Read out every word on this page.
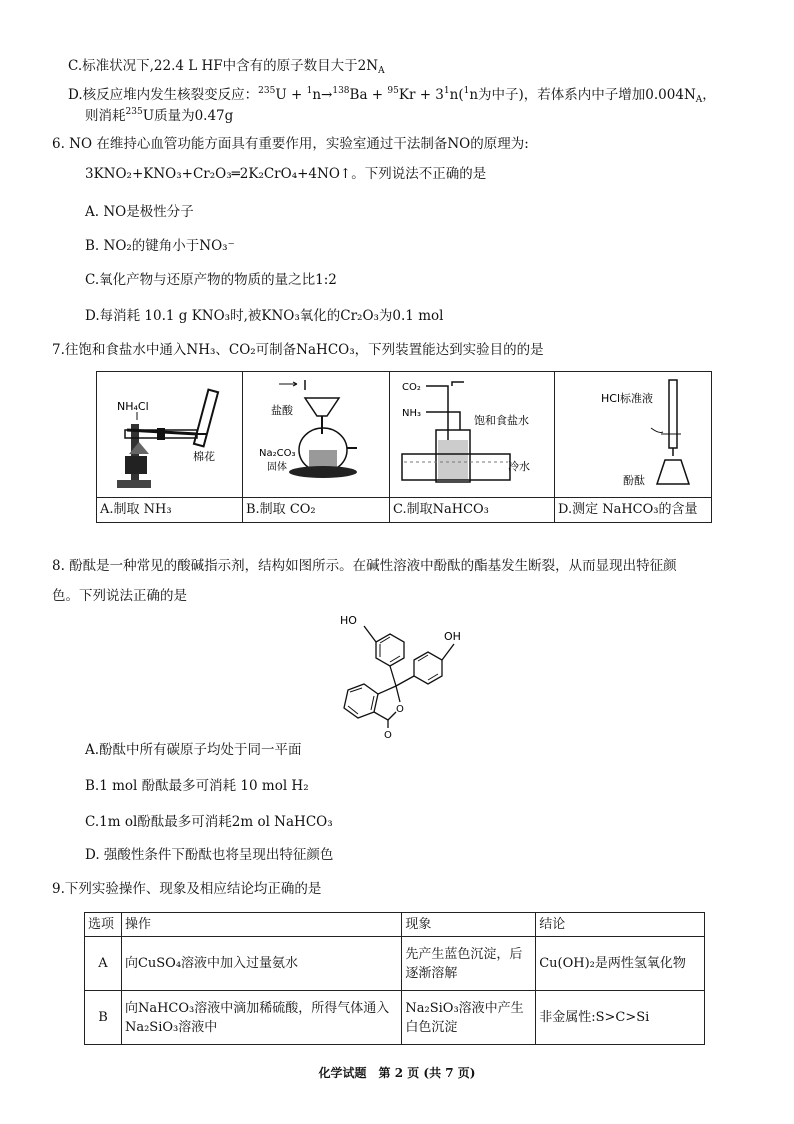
C.标准状况下,22.4 L HF中含有的原子数目大于$2N_A$
D.核反应堆内发生核裂变反应：$^{235}U + ^1n\to^{138}Ba + ^{95}Kr + 3^1n(^1n$为中子)，若体系内中子增加$0.004N_A$，
则消耗$^{235}$U质量为0.47g
6. NO 在维持心血管功能方面具有重要作用，实验室通过干法制备NO的原理为:
3KNO₂+KNO₃+Cr₂O₃═2K₂CrO₄+4NO↑。下列说法不正确的是
A. NO是极性分子
B. NO₂的键角小于NO₃⁻
C.氧化产物与还原产物的物质的量之比1:2
D.每消耗 10.1 g KNO₃时,被KNO₃氧化的Cr₂O₃为0.1 mol
7.往饱和食盐水中通入NH₃、CO₂可制备NaHCO₃，下列装置能达到实验目的的是
NH₄Cl
棉花
A.制取 NH₃
盐酸
Na₂CO₃
固体
B.制取 CO₂
CO₂
NH₃
饱和食盐水
冷水
C.制取NaHCO₃
HCl标准液
酚酞
D.测定 NaHCO₃的含量
8. 酚酞是一种常见的酸碱指示剂，结构如图所示。在碱性溶液中酚酞的酯基发生断裂，从而显现出特征颜
色。下列说法正确的是
HO
OH
O
O
A.酚酞中所有碳原子均处于同一平面
B.1 mol 酚酞最多可消耗 10 mol H₂
C.1m ol酚酞最多可消耗2m ol NaHCO₃
D. 强酸性条件下酚酞也将呈现出特征颜色
9.下列实验操作、现象及相应结论均正确的是
选项	操作	现象	结论
A	向CuSO₄溶液中加入过量氨水	先产生蓝色沉淀，后逐渐溶解	Cu(OH)₂是两性氢氧化物
B	向NaHCO₃溶液中滴加稀硫酸，所得气体通入 Na₂SiO₃溶液中	Na₂SiO₃溶液中产生白色沉淀	非金属性:S>C>Si
化学试题　第 2 页 (共 7 页)
